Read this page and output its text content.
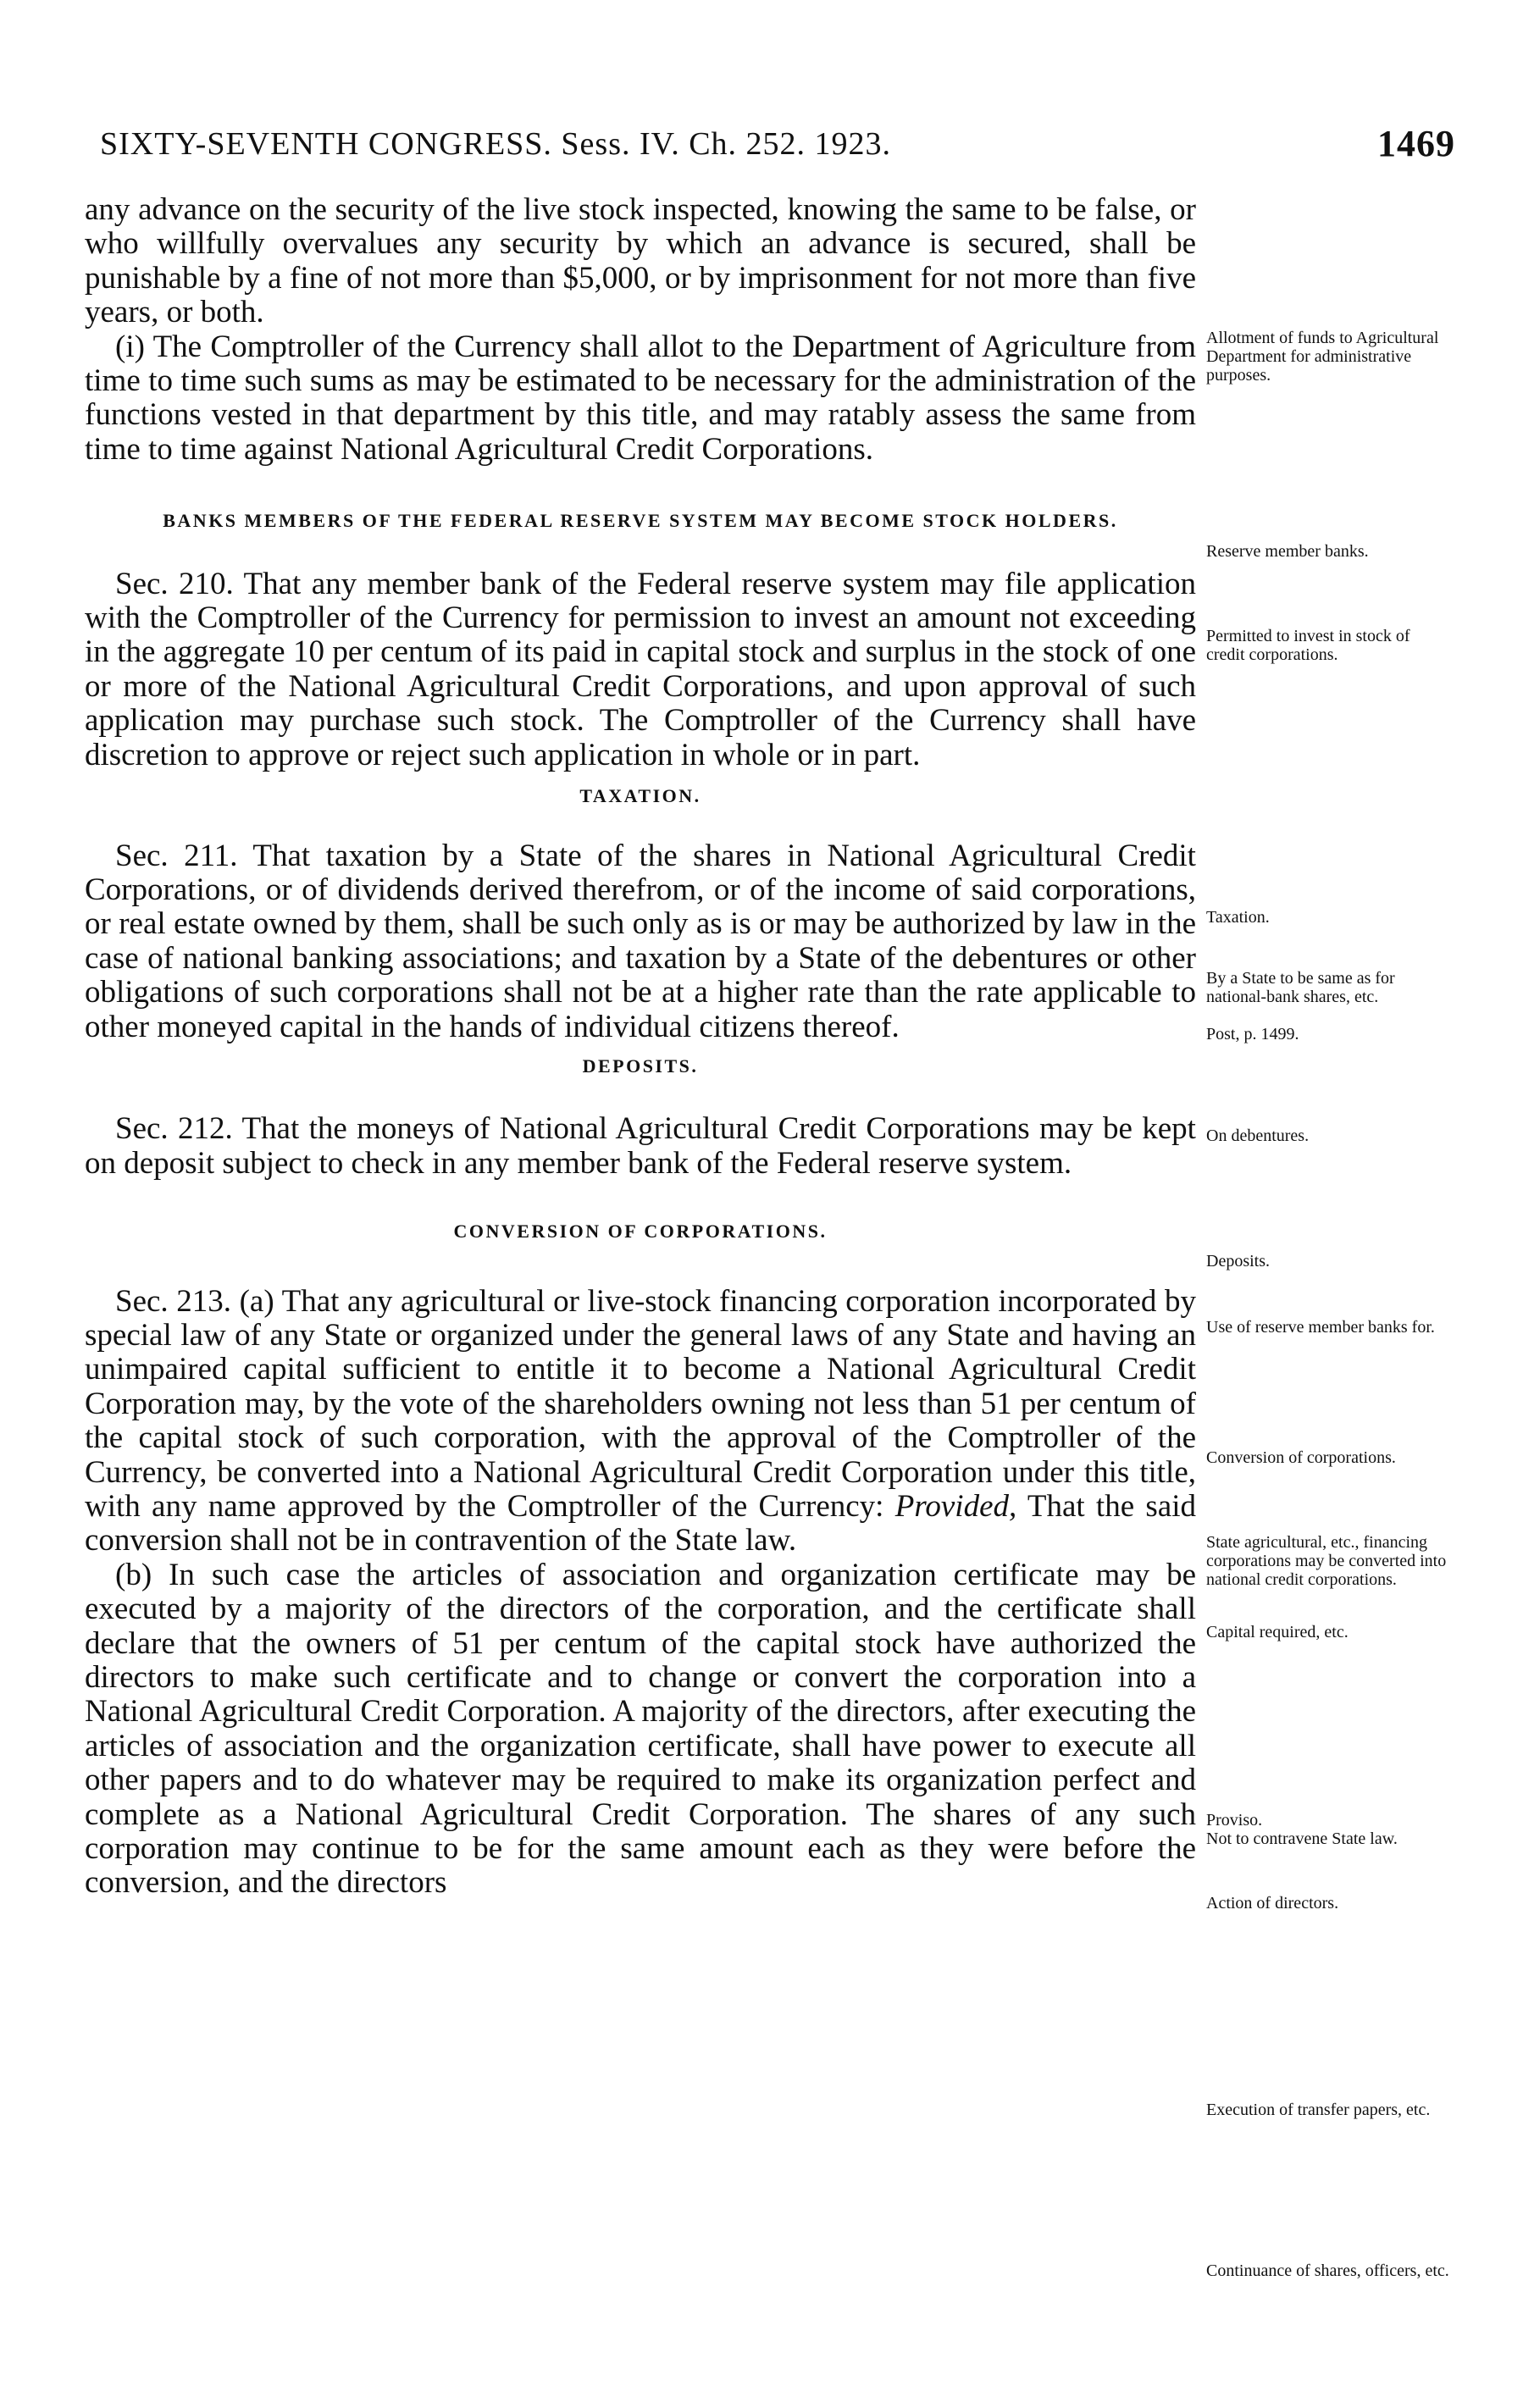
SIXTY-SEVENTH CONGRESS. Sess. IV. Ch. 252. 1923.	1469

any advance on the security of the live stock inspected, knowing the same to be false, or who willfully overvalues any security by which an advance is secured, shall be punishable by a fine of not more than $5,000, or by imprisonment for not more than five years, or both.

(i) The Comptroller of the Currency shall allot to the Department of Agriculture from time to time such sums as may be estimated to be necessary for the administration of the functions vested in that department by this title, and may ratably assess the same from time to time against National Agricultural Credit Corporations.

BANKS MEMBERS OF THE FEDERAL RESERVE SYSTEM MAY BECOME STOCK HOLDERS.

Sec. 210. That any member bank of the Federal reserve system may file application with the Comptroller of the Currency for permission to invest an amount not exceeding in the aggregate 10 per centum of its paid in capital stock and surplus in the stock of one or more of the National Agricultural Credit Corporations, and upon approval of such application may purchase such stock. The Comptroller of the Currency shall have discretion to approve or reject such application in whole or in part.

TAXATION.

Sec. 211. That taxation by a State of the shares in National Agricultural Credit Corporations, or of dividends derived therefrom, or of the income of said corporations, or real estate owned by them, shall be such only as is or may be authorized by law in the case of national banking associations; and taxation by a State of the debentures or other obligations of such corporations shall not be at a higher rate than the rate applicable to other moneyed capital in the hands of individual citizens thereof.

DEPOSITS.

Sec. 212. That the moneys of National Agricultural Credit Corporations may be kept on deposit subject to check in any member bank of the Federal reserve system.

CONVERSION OF CORPORATIONS.

Sec. 213. (a) That any agricultural or live-stock financing corporation incorporated by special law of any State or organized under the general laws of any State and having an unimpaired capital sufficient to entitle it to become a National Agricultural Credit Corporation may, by the vote of the shareholders owning not less than 51 per centum of the capital stock of such corporation, with the approval of the Comptroller of the Currency, be converted into a National Agricultural Credit Corporation under this title, with any name approved by the Comptroller of the Currency: Provided, That the said conversion shall not be in contravention of the State law.

(b) In such case the articles of association and organization certificate may be executed by a majority of the directors of the corporation, and the certificate shall declare that the owners of 51 per centum of the capital stock have authorized the directors to make such certificate and to change or convert the corporation into a National Agricultural Credit Corporation. A majority of the directors, after executing the articles of association and the organization certificate, shall have power to execute all other papers and to do whatever may be required to make its organization perfect and complete as a National Agricultural Credit Corporation. The shares of any such corporation may continue to be for the same amount each as they were before the conversion, and the directors

Allotment of funds to Agricultural Department for administrative purposes.
Reserve member banks.
Permitted to invest in stock of credit corporations.
Taxation.
By a State to be same as for national-bank shares, etc.
Post, p. 1499.
On debentures.
Deposits.
Use of reserve member banks for.
Conversion of corporations.
State agricultural, etc., financing corporations may be converted into national credit corporations.
Capital required, etc.
Proviso.
Not to contravene State law.
Action of directors.
Execution of transfer papers, etc.
Continuance of shares, officers, etc.
